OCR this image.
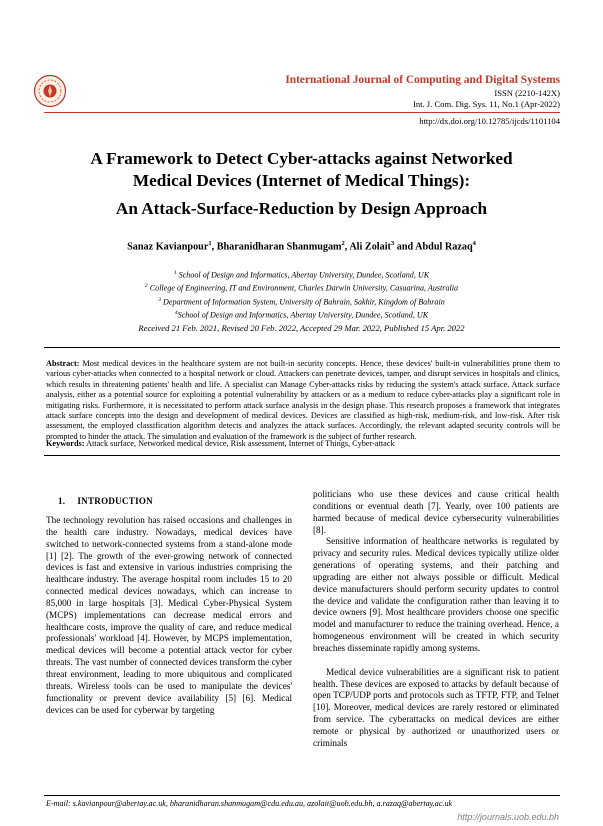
International Journal of Computing and Digital Systems
ISSN (2210-142X)
Int. J. Com. Dig. Sys. 11, No.1 (Apr-2022)
http://dx.doi.org/10.12785/ijcds/1101104
A Framework to Detect Cyber-attacks against Networked
Medical Devices (Internet of Medical Things):
An Attack-Surface-Reduction by Design Approach
Sanaz Kavianpour$^1$, Bharanidharan Shanmugam$^2$, Ali Zolait$^3$ and Abdul Razaq$^4$
$^1$ School of Design and Informatics, Abertay University, Dundee, Scotland, UK
$^2$ College of Engineering, IT and Environment, Charles Darwin University, Casuarina, Australia
$^3$ Department of Information System, University of Bahrain, Sakhir, Kingdom of Bahrain
$^4$School of Design and Informatics, Abertay University, Dundee, Scotland, UK
Received 21 Feb. 2021, Revised 20 Feb. 2022, Accepted 29 Mar. 2022, Published 15 Apr. 2022
Abstract: Most medical devices in the healthcare system are not built-in security concepts. Hence, these devices' built-in vulnerabilities prone them to various cyber-attacks when connected to a hospital network or cloud. Attackers can penetrate devices, tamper, and disrupt services in hospitals and clinics, which results in threatening patients' health and life. A specialist can Manage Cyber-attacks risks by reducing the system's attack surface. Attack surface analysis, either as a potential source for exploiting a potential vulnerability by attackers or as a medium to reduce cyber-attacks play a significant role in mitigating risks. Furthermore, it is necessitated to perform attack surface analysis in the design phase. This research proposes a framework that integrates attack surface concepts into the design and development of medical devices. Devices are classified as high-risk, medium-risk, and low-risk. After risk assessment, the employed classification algorithm detects and analyzes the attack surfaces. Accordingly, the relevant adapted security controls will be prompted to hinder the attack. The simulation and evaluation of the framework is the subject of further research.
Keywords: Attack surface, Networked medical device, Risk assessment, Internet of Things, Cyber-attack
1. INTRODUCTION

The technology revolution has raised occasions and challenges in the health care industry. Nowadays, medical devices have switched to network-connected systems from a stand-alone mode [1] [2]. The growth of the ever-growing network of connected devices is fast and extensive in various industries comprising the healthcare industry. The average hospital room includes 15 to 20 connected medical devices nowadays, which can increase to 85,000 in large hospitals [3]. Medical Cyber-Physical System (MCPS) implementations can decrease medical errors and healthcare costs, improve the quality of care, and reduce medical professionals' workload [4]. However, by MCPS implementation, medical devices will become a potential attack vector for cyber threats. The vast number of connected devices transform the cyber threat environment, leading to more ubiquitous and complicated threats. Wireless tools can be used to manipulate the devices' functionality or prevent device availability [5] [6]. Medical devices can be used for cyberwar by targeting

politicians who use these devices and cause critical health conditions or eventual death [7]. Yearly, over 100 patients are harmed because of medical device cybersecurity vulnerabilities [8].

Sensitive information of healthcare networks is regulated by privacy and security rules. Medical devices typically utilize older generations of operating systems, and their patching and upgrading are either not always possible or difficult. Medical device manufacturers should perform security updates to control the device and validate the configuration rather than leaving it to device owners [9]. Most healthcare providers choose one specific model and manufacturer to reduce the training overhead. Hence, a homogeneous environment will be created in which security breaches disseminate rapidly among systems.

Medical device vulnerabilities are a significant risk to patient health. These devices are exposed to attacks by default because of open TCP/UDP ports and protocols such as TFTP, FTP, and Telnet [10]. Moreover, medical devices are rarely restored or eliminated from service. The cyberattacks on medical devices are either remote or physical by authorized or unauthorized users or criminals

E-mail: s.kavianpour@abertay.ac.uk, bharanidharan.shanmugam@cdu.edu.au, azolait@uob.edu.bh, a.razaq@abertay.ac.uk
http://journals.uob.edu.bh
